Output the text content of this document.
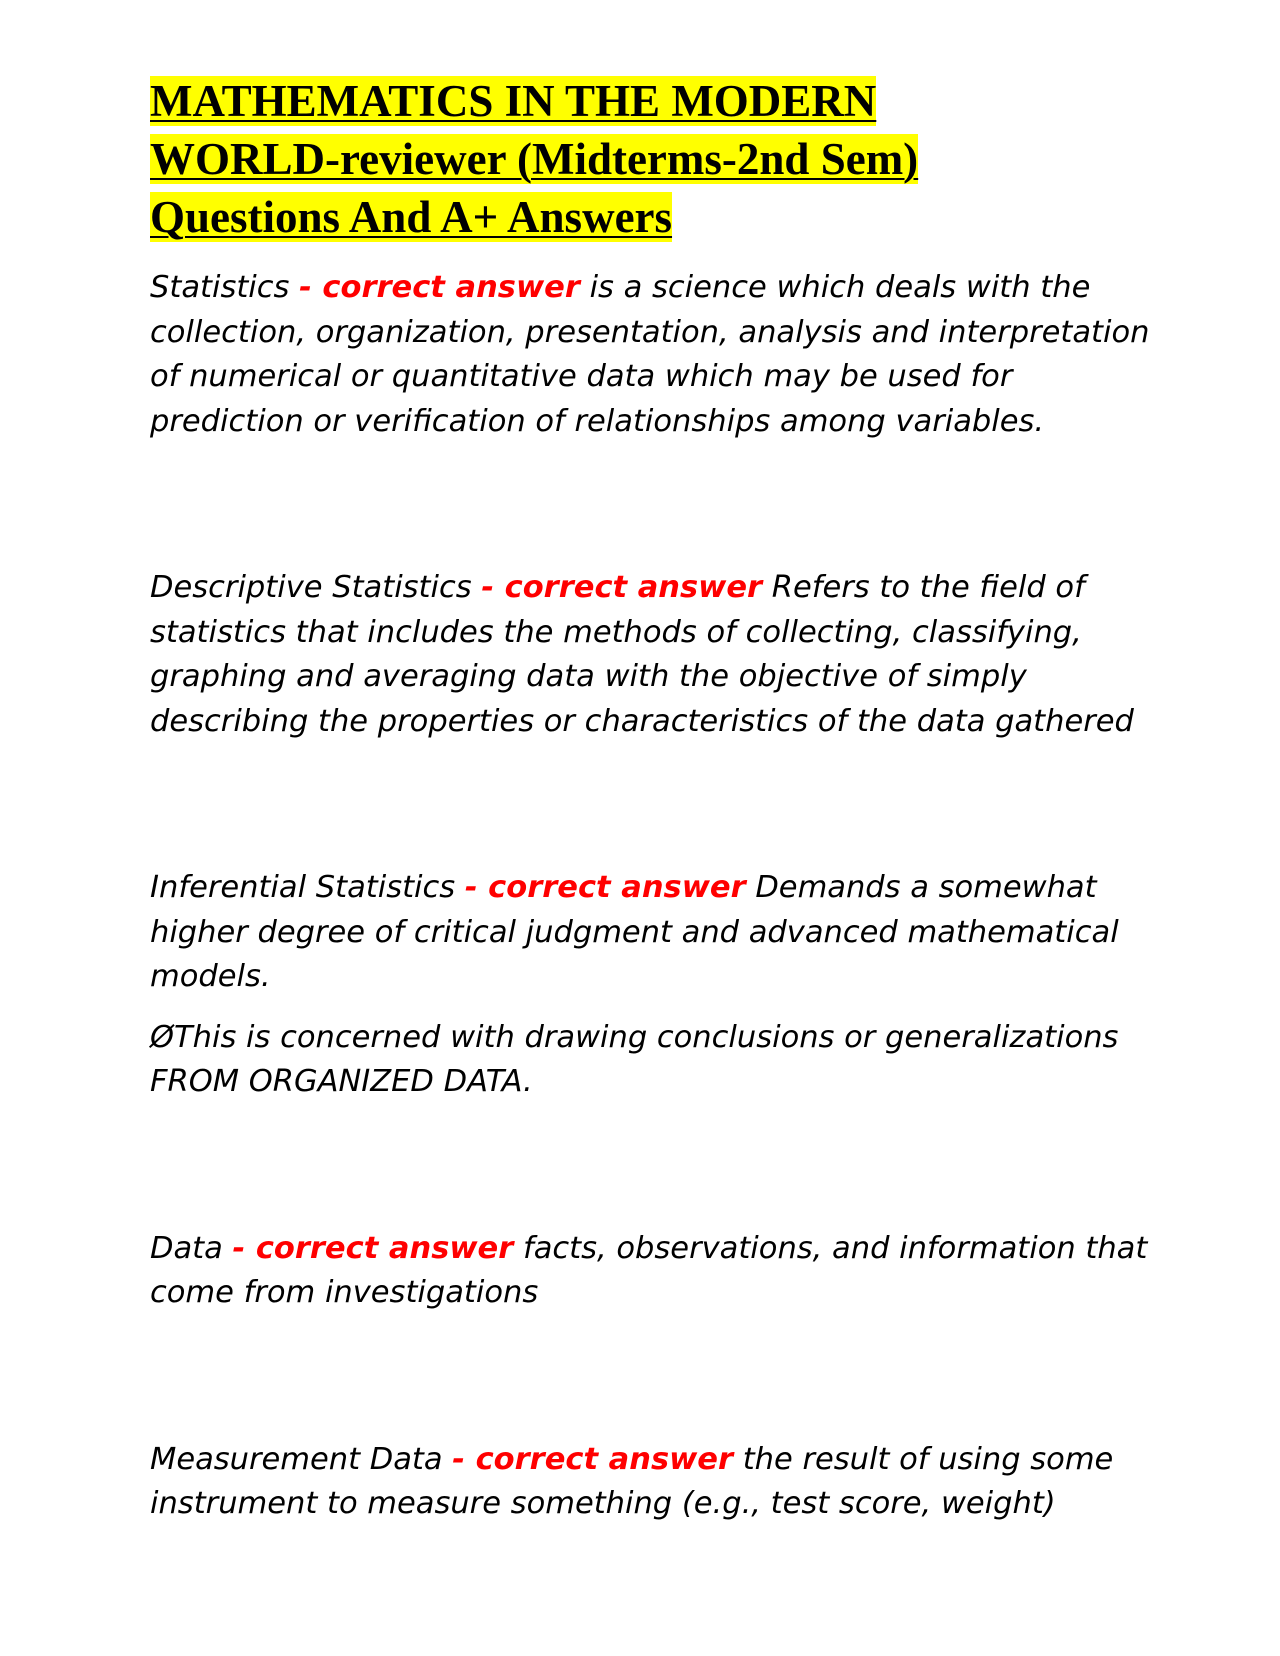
MATHEMATICS IN THE MODERN
WORLD-reviewer (Midterms-2nd Sem)
Questions And A+ Answers

Statistics - correct answer is a science which deals with the collection, organization, presentation, analysis and interpretation of numerical or quantitative data which may be used for prediction or verification of relationships among variables.

Descriptive Statistics - correct answer Refers to the field of statistics that includes the methods of collecting, classifying, graphing and averaging data with the objective of simply describing the properties or characteristics of the data gathered

Inferential Statistics - correct answer Demands a somewhat higher degree of critical judgment and advanced mathematical models.

ØThis is concerned with drawing conclusions or generalizations FROM ORGANIZED DATA.

Data - correct answer facts, observations, and information that come from investigations

Measurement Data - correct answer the result of using some instrument to measure something (e.g., test score, weight)
